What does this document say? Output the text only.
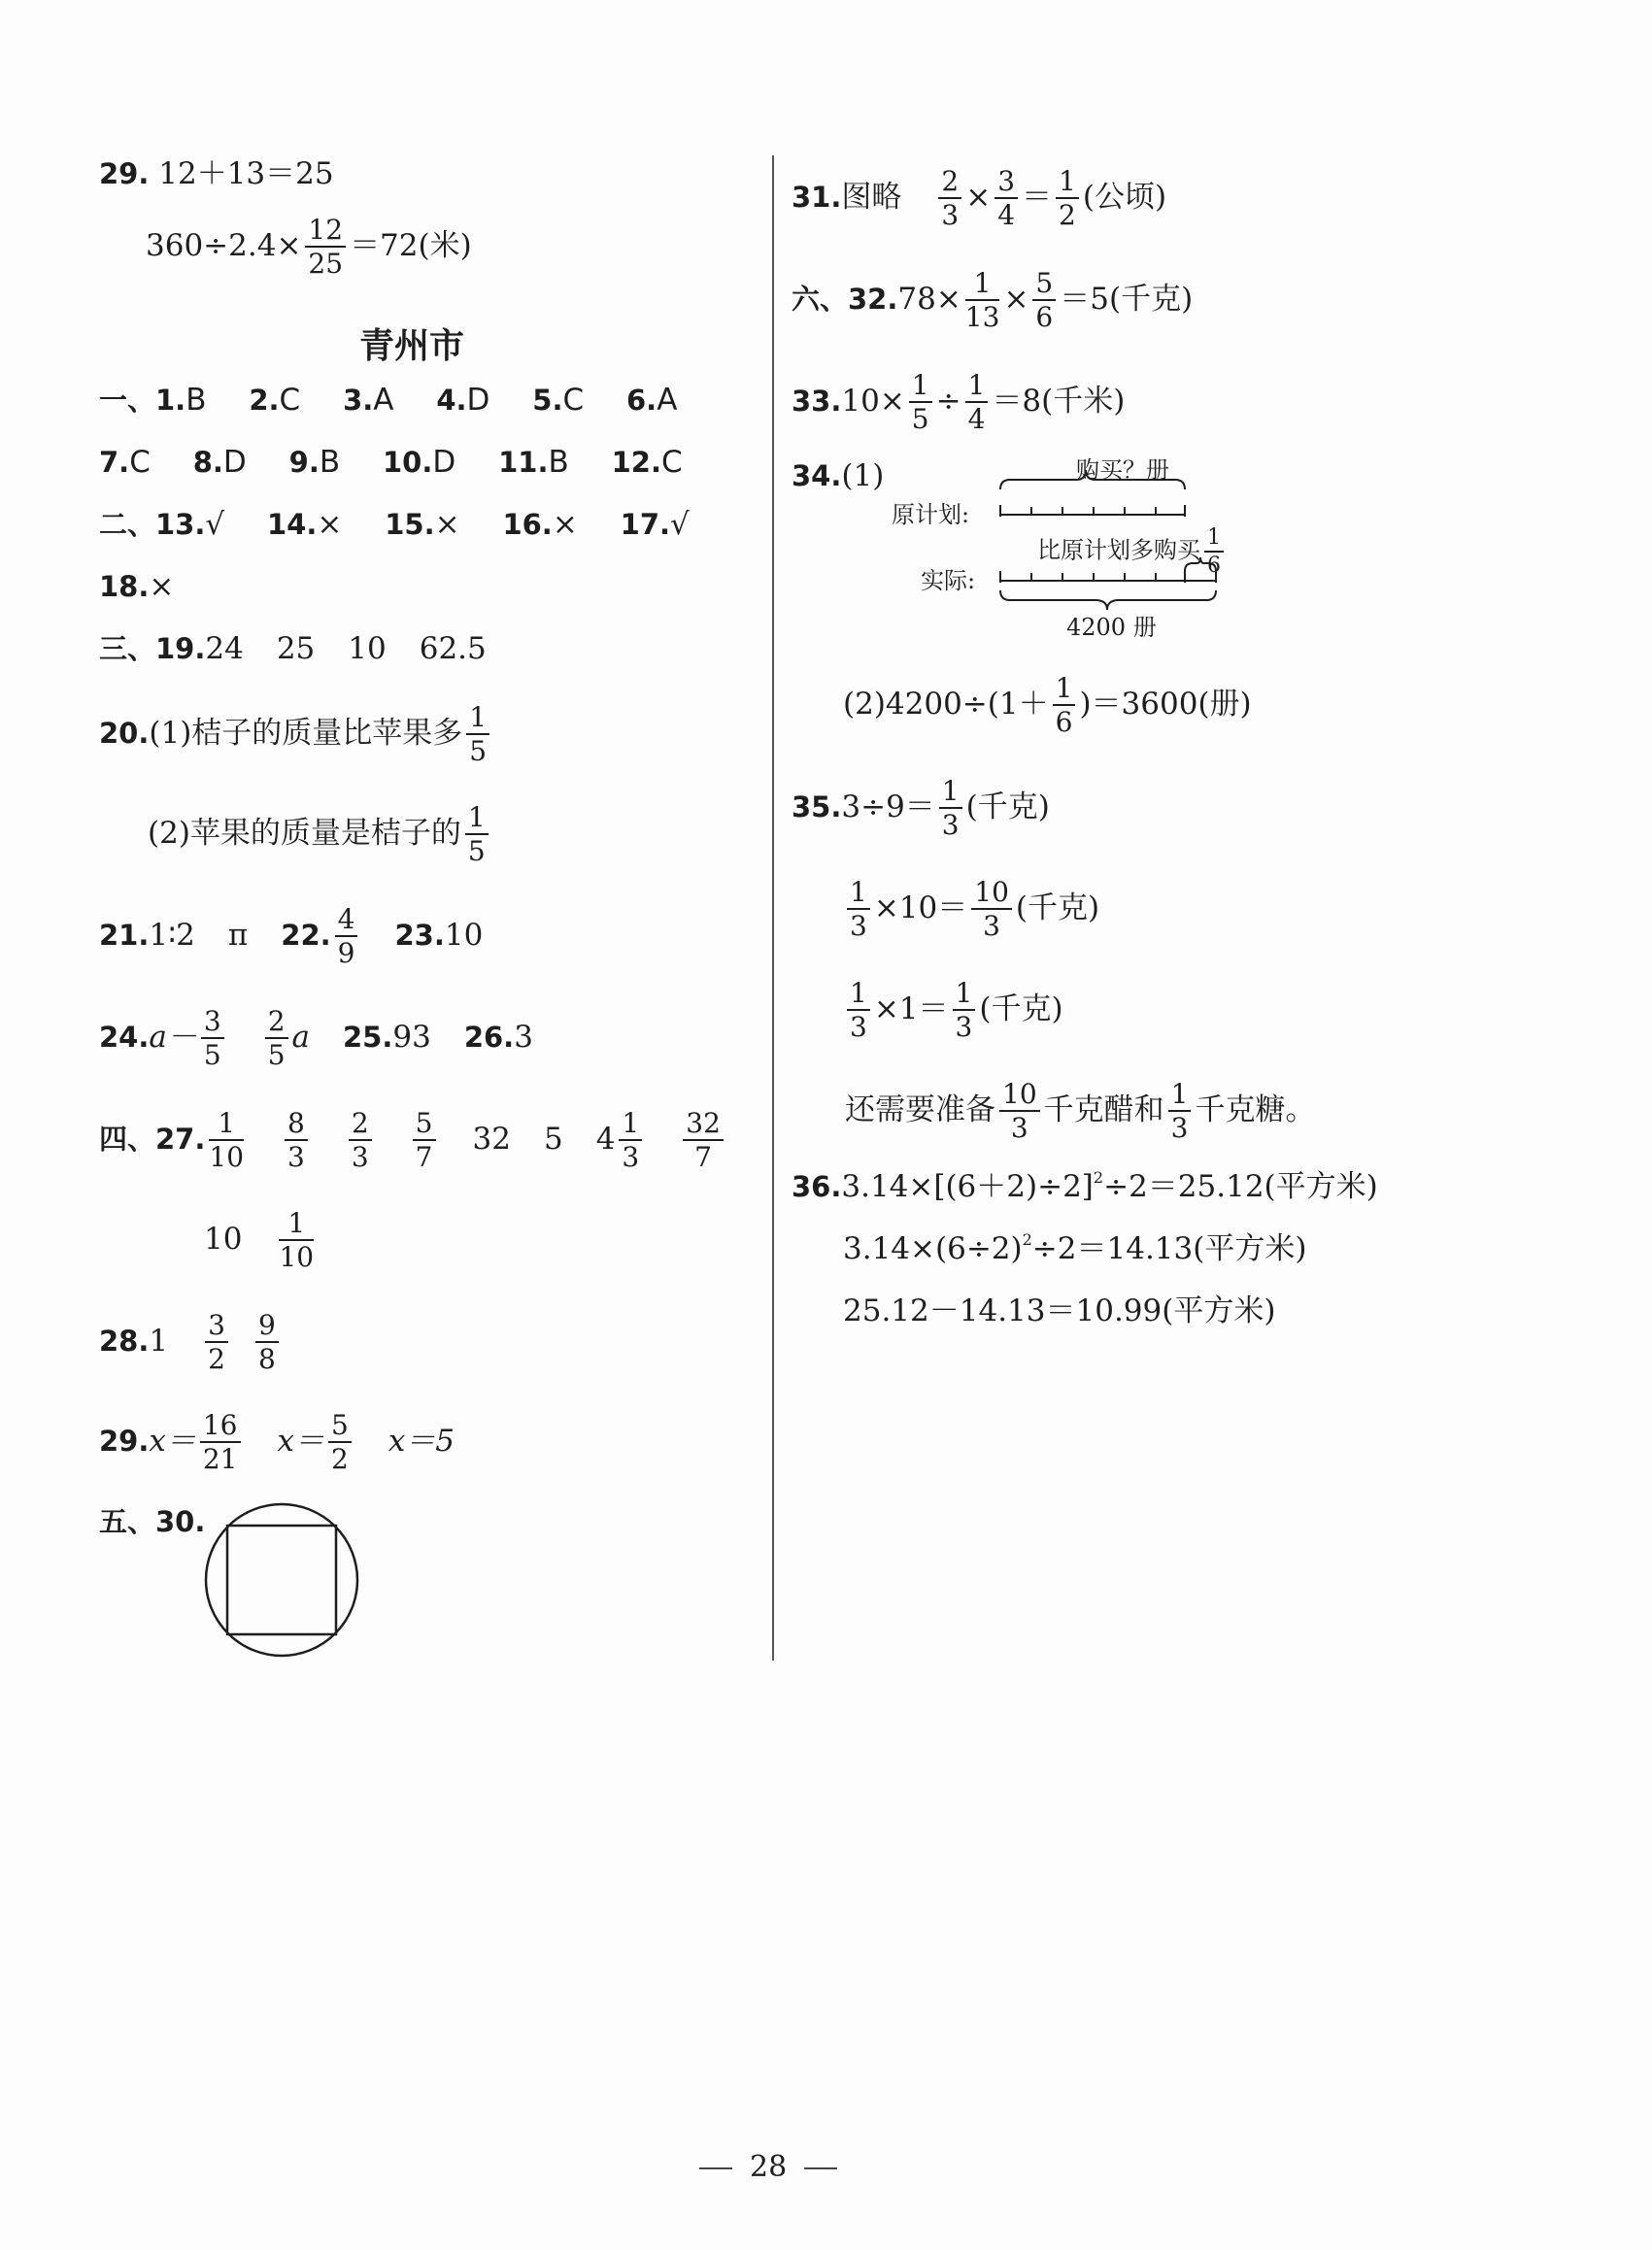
29. 12＋13＝25
$360\div 2.4\times \frac{12}{25} =72$(米)
青州市
一、1.B 2.C 3.A 4.D 5.C 6.A
7.C 8.D 9.B 10.D 11.B 12.C
二、13.√ 14.× 15.× 16.× 17.√
18.×
三、19.24 25 10 62.5
20.(1)桔子的质量比苹果多 $\frac{1}{5}$
(2)苹果的质量是桔子的 $\frac{1}{5}$
21.1∶2 π 22. $\frac{4}{9} 23.10$
$24.a- \frac{3}{5} \frac{2}{5}$ a 25.93 26.3
四、27. $\frac{1}{10} \frac{8}{3} \frac{2}{3} \frac{5}{7} 32$ 5 $4 \frac{1}{3} \frac{32}{7}$
$10 \frac{1}{10}$
$28.1 \frac{3}{2} \frac{9}{8}$
$29.x= \frac{16}{21} x= \frac{5}{2} x=5$
五、30.
31.图略 $\frac{2}{3} \times \frac{3}{4} = \frac{1}{2}$ (公顷)
六、$32.78\times \frac{1}{13} \times \frac{5}{6} =5$(千克)
$33.10\times \frac{1}{5} \div \frac{1}{4} =8$(千米)
34.(1)	购买？册
原计划:
比原计划多购买 $\frac{1}{6}$
实际:
4200 册
$(2)4200\div(1+ \frac{1}{6} )=3600$(册)
$35.3\div 9= \frac{1}{3}$ (千克)
$\frac{1}{3} \times 10= \frac{10}{3}$ (千克)
$\frac{1}{3} \times 1= \frac{1}{3}$ (千克)
还需要准备 $\frac{10}{3}$ 千克醋和 $\frac{1}{3}$ 千克糖。
$36.3.14\times[(6+2)\div 2]^2\div 2=25.12$(平方米)
$3.14\times(6\div 2)^2\div 2=14.13$(平方米)
25.12－14.13＝10.99(平方米)
28
